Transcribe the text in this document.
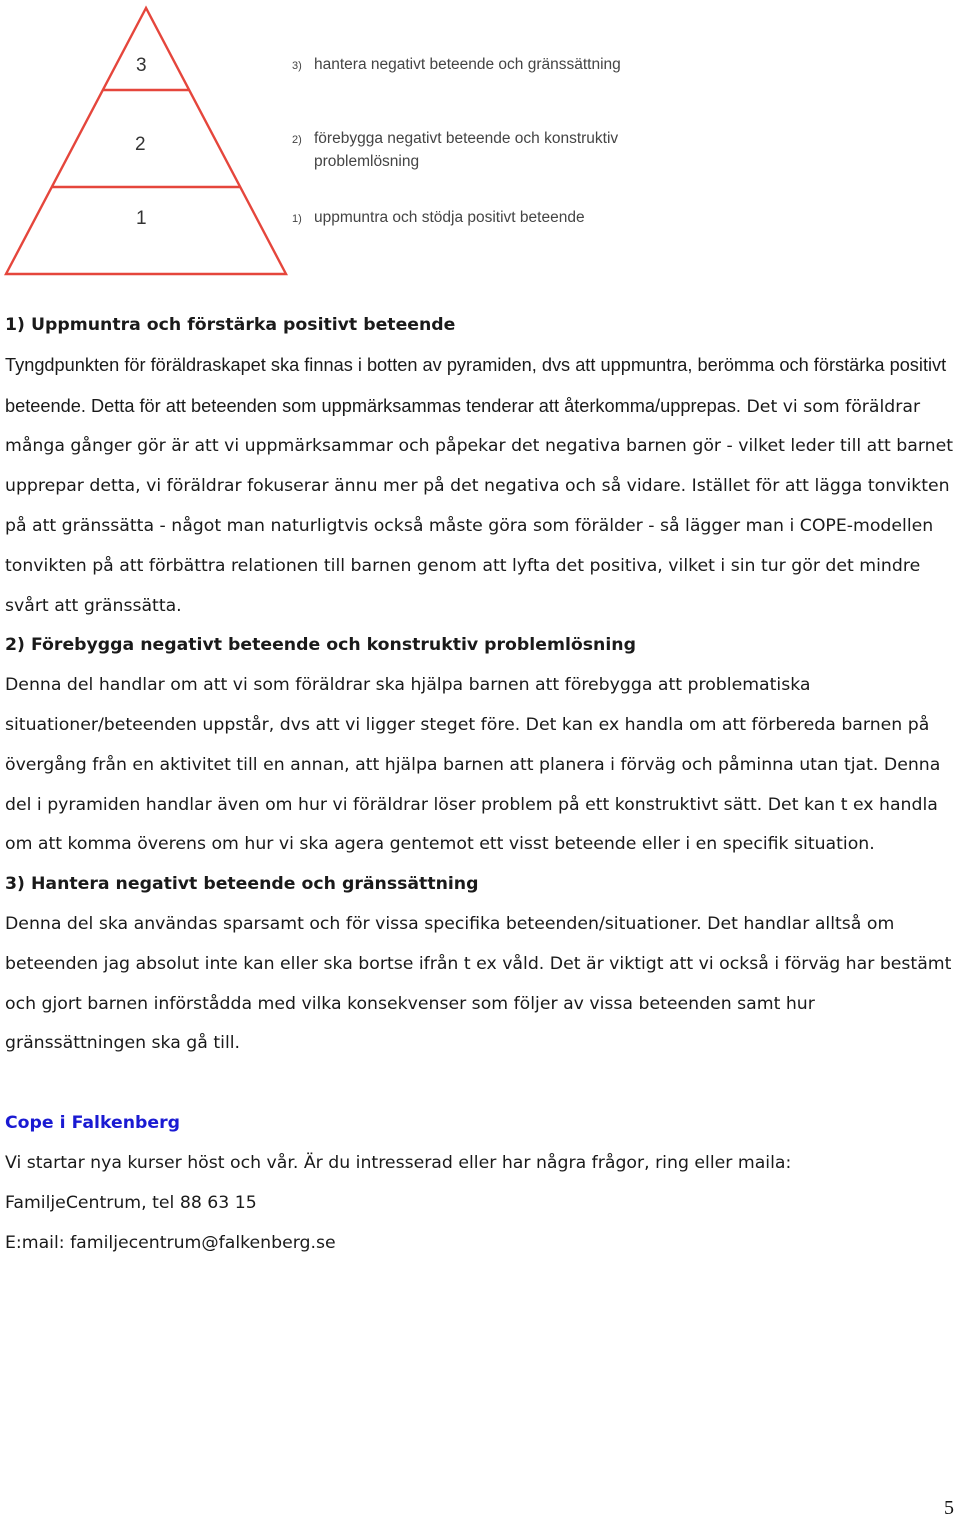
3
2
1
3) hantera negativt beteende och gränssättning
2) förebygga negativt beteende och konstruktiv
problemlösning
1) uppmuntra och stödja positivt beteende
1) Uppmuntra och förstärka positivt beteende

Tyngdpunkten för föräldraskapet ska finnas i botten av pyramiden, dvs att uppmuntra, berömma och förstärka positivt beteende. Detta för att beteenden som uppmärksammas tenderar att återkomma/upprepas. Det vi som föräldrar många gånger gör är att vi uppmärksammar och påpekar det negativa barnen gör - vilket leder till att barnet upprepar detta, vi föräldrar fokuserar ännu mer på det negativa och så vidare. Istället för att lägga tonvikten på att gränssätta - något man naturligtvis också måste göra som förälder - så lägger man i COPE-modellen tonvikten på att förbättra relationen till barnen genom att lyfta det positiva, vilket i sin tur gör det mindre svårt att gränssätta.

2) Förebygga negativt beteende och konstruktiv problemlösning

Denna del handlar om att vi som föräldrar ska hjälpa barnen att förebygga att problematiska situationer/beteenden uppstår, dvs att vi ligger steget före. Det kan ex handla om att förbereda barnen på övergång från en aktivitet till en annan, att hjälpa barnen att planera i förväg och påminna utan tjat. Denna del i pyramiden handlar även om hur vi föräldrar löser problem på ett konstruktivt sätt. Det kan t ex handla om att komma överens om hur vi ska agera gentemot ett visst beteende eller i en specifik situation.

3) Hantera negativt beteende och gränssättning

Denna del ska användas sparsamt och för vissa specifika beteenden/situationer. Det handlar alltså om beteenden jag absolut inte kan eller ska bortse ifrån t ex våld. Det är viktigt att vi också i förväg har bestämt och gjort barnen införstådda med vilka konsekvenser som följer av vissa beteenden samt hur gränssättningen ska gå till.

Cope i Falkenberg

Vi startar nya kurser höst och vår. Är du intresserad eller har några frågor, ring eller maila:

FamiljeCentrum, tel 88 63 15

E:mail: familjecentrum@falkenberg.se

5
